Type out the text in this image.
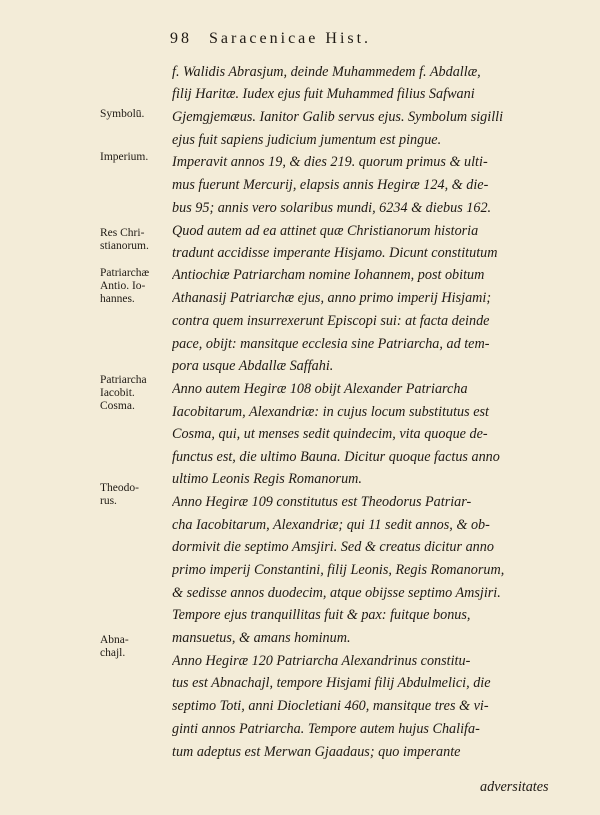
98 Saracenicae Hist.
Symbolū.
Imperium.
Res Chri-
stianorum.
Patriarchæ
Antio. Io-
hannes.
Patriarcha
Iacobit.
Cosma.
Theodo-
rus.
Abna-
chajl.
f. Walidis Abrasjum, deinde Muhammedem f. Abdallæ,
filij Haritæ. Iudex ejus fuit Muhammed filius Safwani
Gjemgjemæus. Ianitor Galib servus ejus. Symbolum sigilli
ejus fuit sapiens judicium jumentum est pingue.
Imperavit annos 19, & dies 219. quorum primus & ulti-
mus fuerunt Mercurij, elapsis annis Hegiræ 124, & die-
bus 95; annis vero solaribus mundi, 6234 & diebus 162.
Quod autem ad ea attinet quæ Christianorum historia
tradunt accidisse imperante Hisjamo. Dicunt constitutum
Antiochiæ Patriarcham nomine Iohannem, post obitum
Athanasij Patriarchæ ejus, anno primo imperij Hisjami;
contra quem insurrexerunt Episcopi sui: at facta deinde
pace, obijt: mansitque ecclesia sine Patriarcha, ad tem-
pora usque Abdallæ Saffahi.
Anno autem Hegiræ 108 obijt Alexander Patriarcha
Iacobitarum, Alexandriæ: in cujus locum substitutus est
Cosma, qui, ut menses sedit quindecim, vita quoque de-
functus est, die ultimo Bauna. Dicitur quoque factus anno
ultimo Leonis Regis Romanorum.
Anno Hegiræ 109 constitutus est Theodorus Patriar-
cha Iacobitarum, Alexandriæ; qui 11 sedit annos, & ob-
dormivit die septimo Amsjiri. Sed & creatus dicitur anno
primo imperij Constantini, filij Leonis, Regis Romanorum,
& sedisse annos duodecim, atque obijsse septimo Amsjiri.
Tempore ejus tranquillitas fuit & pax: fuitque bonus,
mansuetus, & amans hominum.
Anno Hegiræ 120 Patriarcha Alexandrinus constitu-
tus est Abnachajl, tempore Hisjami filij Abdulmelici, die
septimo Toti, anni Diocletiani 460, mansitque tres & vi-
ginti annos Patriarcha. Tempore autem hujus Chalifa-
tum adeptus est Merwan Gjaadaus; quo imperante
adversitates
